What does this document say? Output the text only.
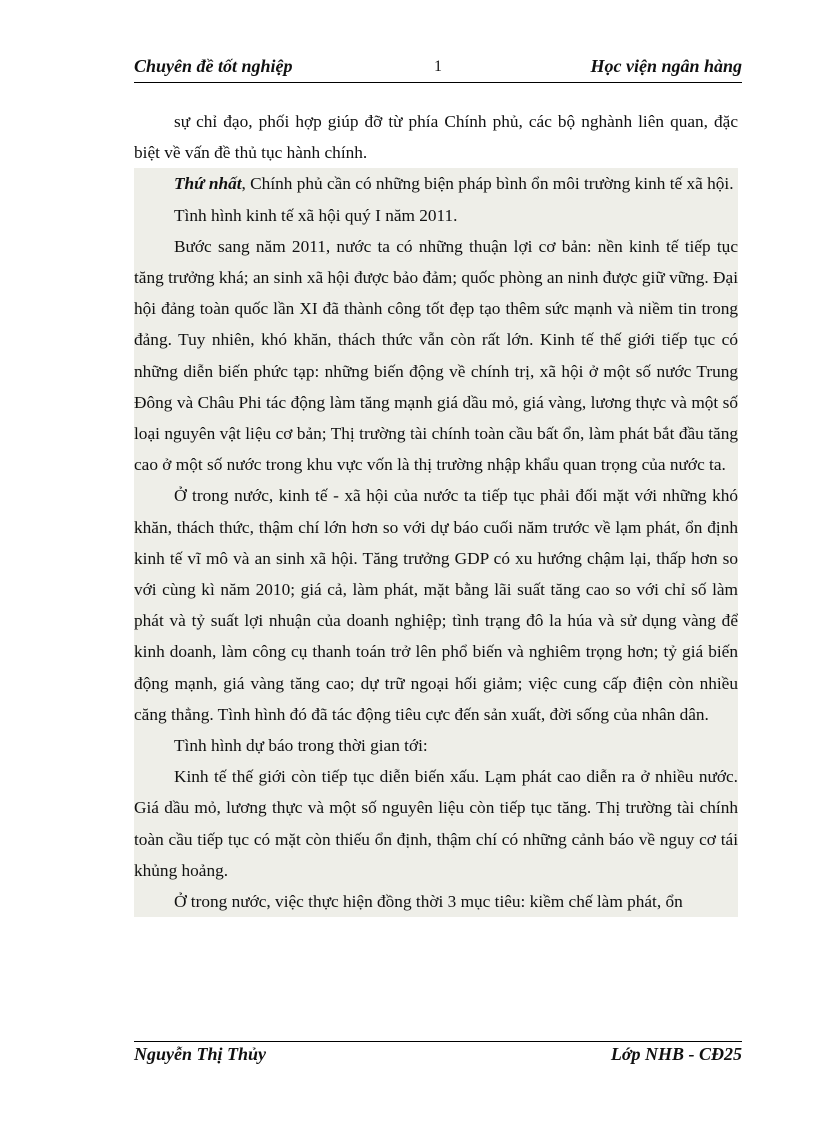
Chuyên đề tốt nghiệp	1	Học viện ngân hàng

sự chỉ đạo, phối hợp giúp đỡ từ phía Chính phủ, các bộ nghành liên quan, đặc biệt về vấn đề thủ tục hành chính.

Thứ nhất, Chính phủ cần có những biện pháp bình ổn môi trường kinh tế xã hội.

Tình hình kinh tế xã hội quý I năm 2011.

Bước sang năm 2011, nước ta có những thuận lợi cơ bản: nền kinh tế tiếp tục tăng trưởng khá; an sinh xã hội được bảo đảm; quốc phòng an ninh được giữ vững. Đại hội đảng toàn quốc lần XI đã thành công tốt đẹp tạo thêm sức mạnh và niềm tin trong đảng. Tuy nhiên, khó khăn, thách thức vẫn còn rất lớn. Kinh tế thế giới tiếp tục có những diễn biến phức tạp: những biến động về chính trị, xã hội ở một số nước Trung Đông và Châu Phi tác động làm tăng mạnh giá dầu mỏ, giá vàng, lương thực và một số loại nguyên vật liệu cơ bản; Thị trường tài chính toàn cầu bất ổn, làm phát bắt đầu tăng cao ở một số nước trong khu vực vốn là thị trường nhập khẩu quan trọng của nước ta.

Ở trong nước, kinh tế - xã hội của nước ta tiếp tục phải đối mặt với những khó khăn, thách thức, thậm chí lớn hơn so với dự báo cuối năm trước về lạm phát, ổn định kinh tế vĩ mô và an sinh xã hội. Tăng trưởng GDP có xu hướng chậm lại, thấp hơn so với cùng kì năm 2010; giá cả, làm phát, mặt bằng lãi suất tăng cao so với chỉ số làm phát và tỷ suất lợi nhuận của doanh nghiệp; tình trạng đô la húa và sử dụng vàng để kinh doanh, làm công cụ thanh toán trở lên phổ biến và nghiêm trọng hơn; tỷ giá biến động mạnh, giá vàng tăng cao; dự trữ ngoại hối giảm; việc cung cấp điện còn nhiều căng thẳng. Tình hình đó đã tác động tiêu cực đến sản xuất, đời sống của nhân dân.

Tình hình dự báo trong thời gian tới:

Kinh tế thế giới còn tiếp tục diễn biến xấu. Lạm phát cao diễn ra ở nhiều nước. Giá dầu mỏ, lương thực và một số nguyên liệu còn tiếp tục tăng. Thị trường tài chính toàn cầu tiếp tục có mặt còn thiếu ổn định, thậm chí có những cảnh báo về nguy cơ tái khủng hoảng.

Ở trong nước, việc thực hiện đồng thời 3 mục tiêu: kiềm chế làm phát, ổn

Nguyễn Thị Thủy	Lớp NHB - CĐ25
